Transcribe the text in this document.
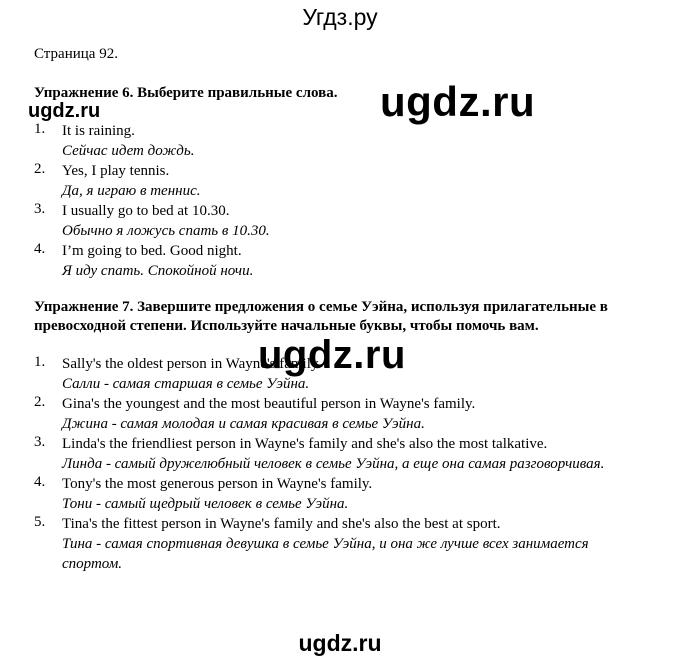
Угдз.ру
ugdz.ru
ugdz.ru
ugdz.ru
ugdz.ru
Страница 92.
Упражнение 6. Выберите правильные слова.
1. It is raining.
Сейчас идет дождь.
2. Yes, I play tennis.
Да, я играю в теннис.
3. I usually go to bed at 10.30.
Обычно я ложусь спать в 10.30.
4. I’m going to bed. Good night.
Я иду спать. Спокойной ночи.
Упражнение 7. Завершите предложения о семье Уэйна, используя прилагательные в превосходной степени. Используйте начальные буквы, чтобы помочь вам.
1. Sally's the oldest person in Wayne's family.
Салли - самая старшая в семье Уэйна.
2. Gina's the youngest and the most beautiful person in Wayne's family.
Джина - самая молодая и самая красивая в семье Уэйна.
3. Linda's the friendliest person in Wayne's family and she's also the most talkative.
Линда - самый дружелюбный человек в семье Уэйна, а еще она самая разговорчивая.
4. Tony's the most generous person in Wayne's family.
Тони - самый щедрый человек в семье Уэйна.
5. Tina's the fittest person in Wayne's family and she's also the best at sport.
Тина - самая спортивная девушка в семье Уэйна, и она же лучше всех занимается спортом.
